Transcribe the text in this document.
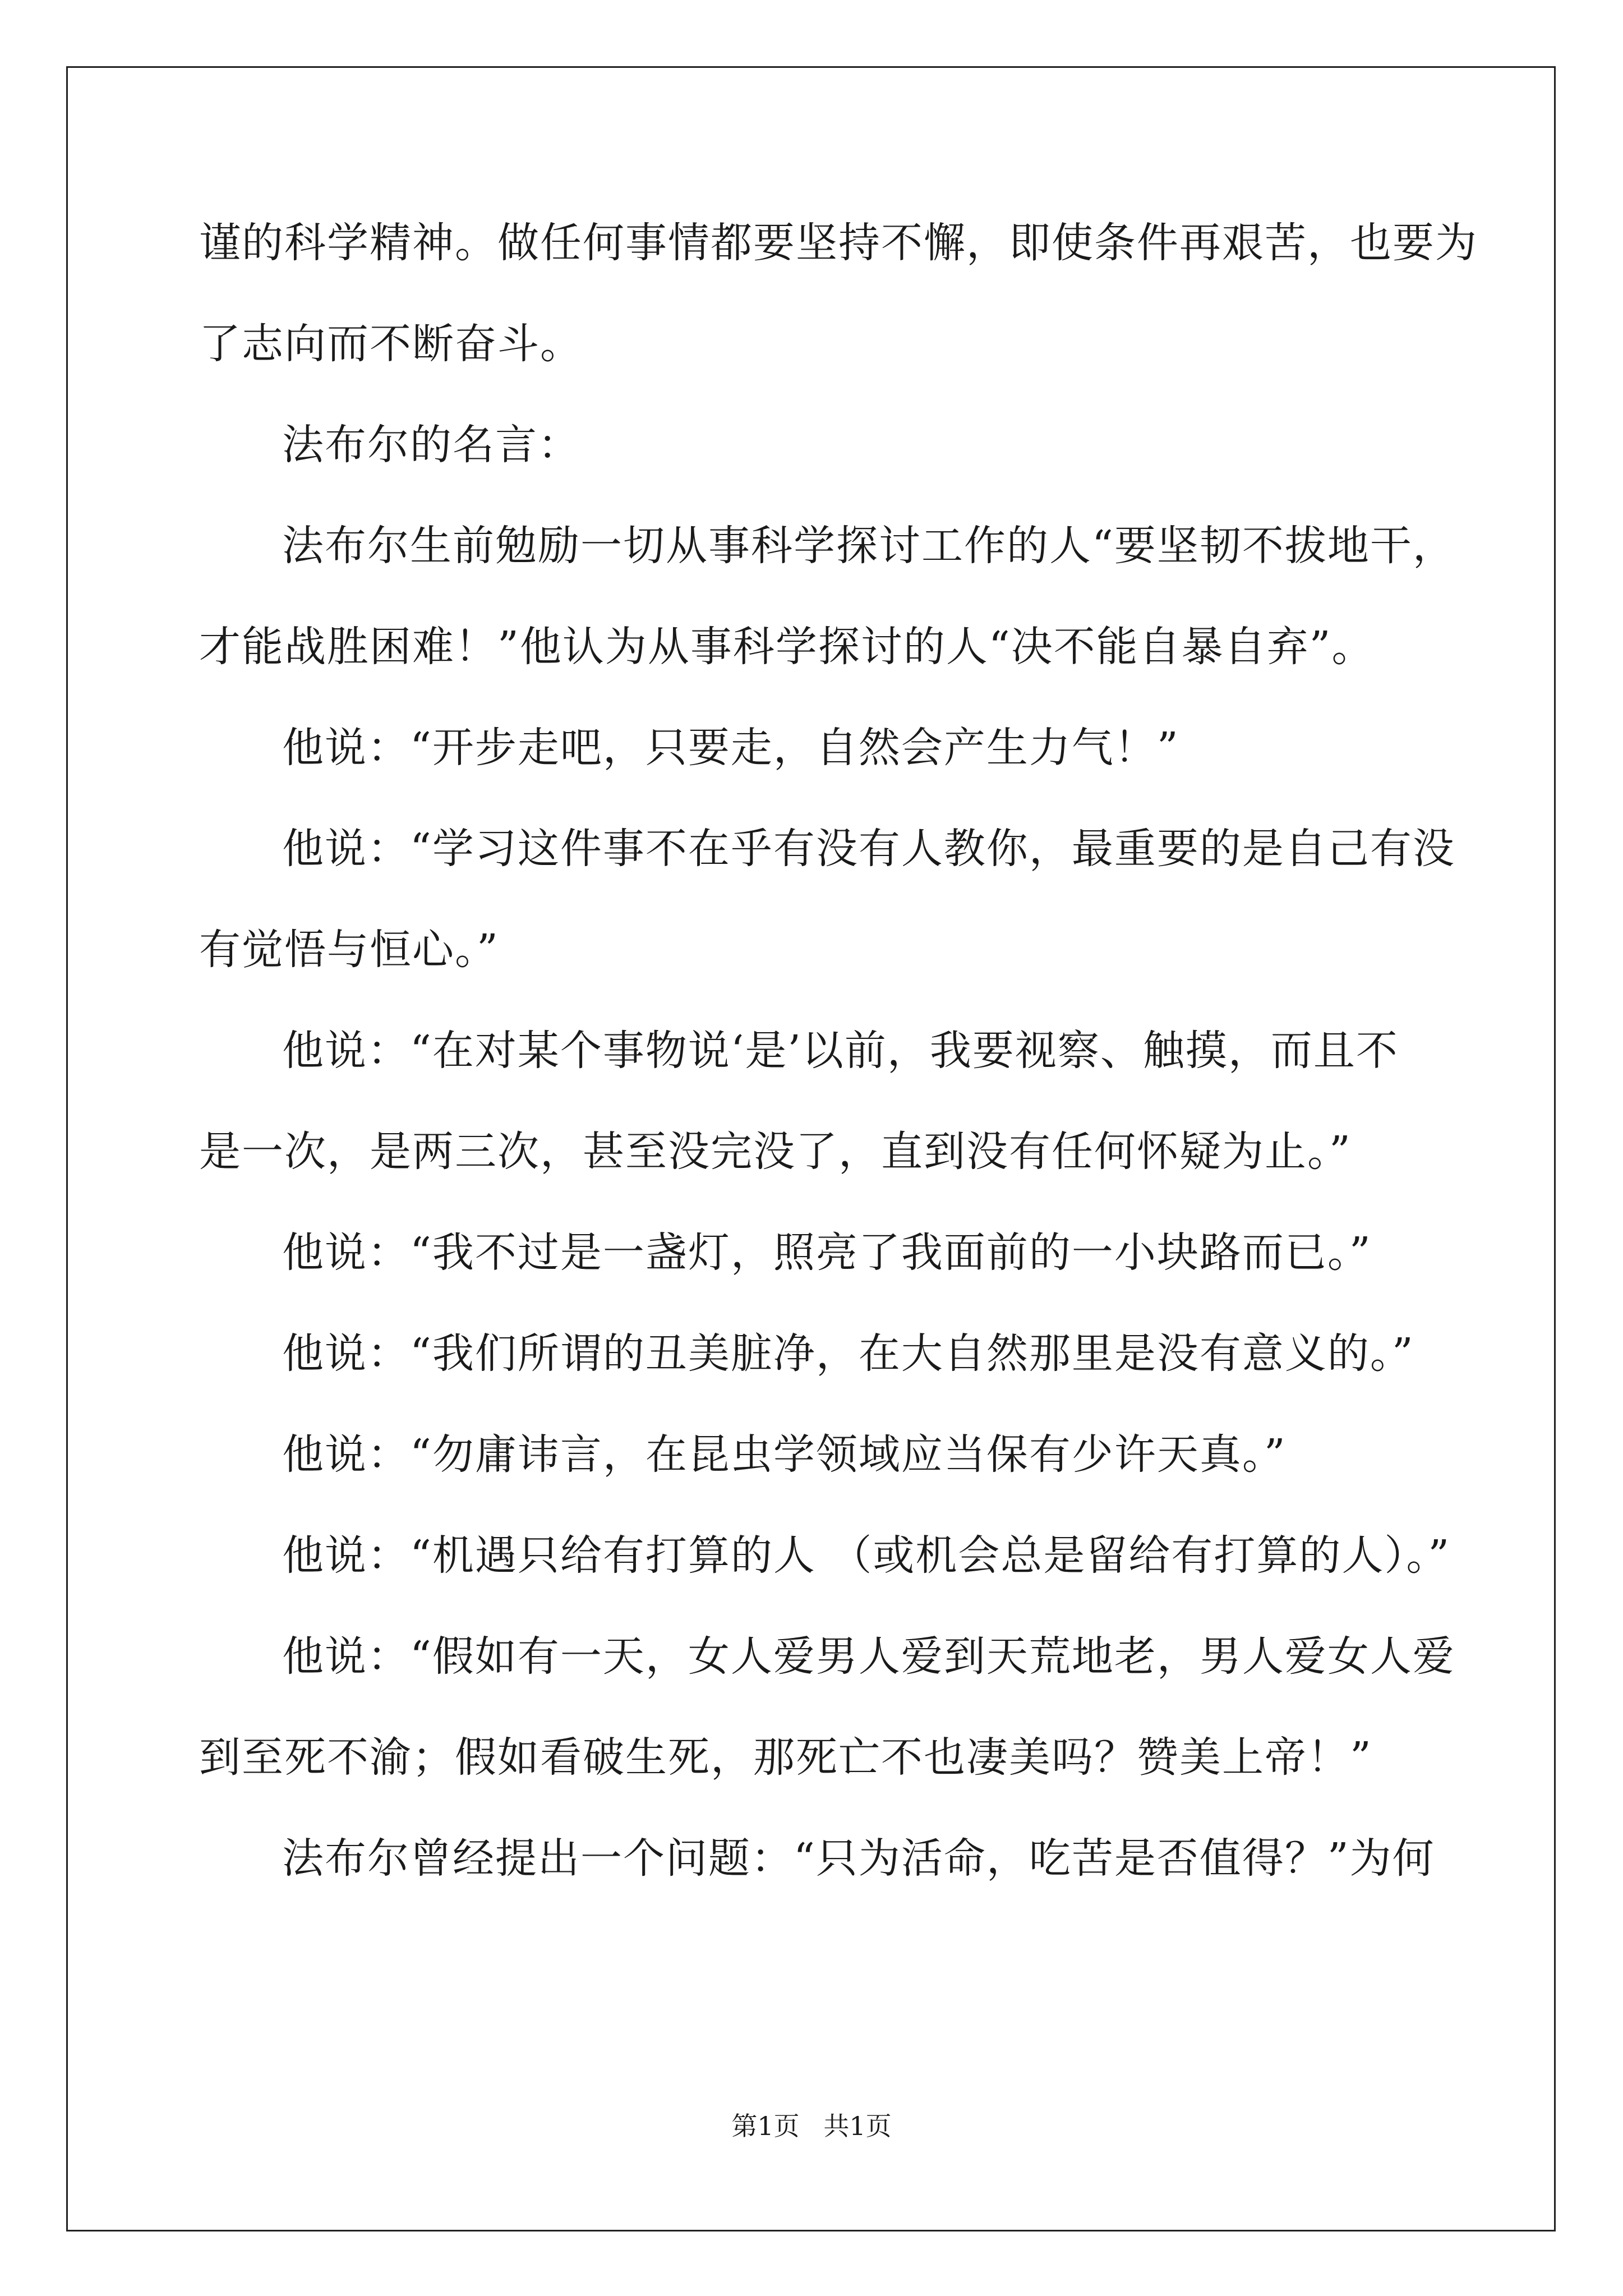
谨的科学精神。做任何事情都要坚持不懈，即使条件再艰苦，也要为
了志向而不断奋斗。
法布尔的名言：
法布尔生前勉励一切从事科学探讨工作的人“要坚韧不拔地干，
才能战胜困难！”他认为从事科学探讨的人“决不能自暴自弃”。
他说：“开步走吧，只要走，自然会产生力气！”
他说：“学习这件事不在乎有没有人教你，最重要的是自己有没
有觉悟与恒心。”
他说：“在对某个事物说‘是’以前，我要视察、触摸，而且不
是一次，是两三次，甚至没完没了，直到没有任何怀疑为止。”
他说：“我不过是一盏灯，照亮了我面前的一小块路而已。”
他说：“我们所谓的丑美脏净，在大自然那里是没有意义的。”
他说：“勿庸讳言，在昆虫学领域应当保有少许天真。”
他说：“机遇只给有打算的人 （或机会总是留给有打算的人）。”
他说：“假如有一天，女人爱男人爱到天荒地老，男人爱女人爱
到至死不渝；假如看破生死，那死亡不也凄美吗？赞美上帝！”
法布尔曾经提出一个问题：“只为活命，吃苦是否值得？”为何
第1页 共1页
